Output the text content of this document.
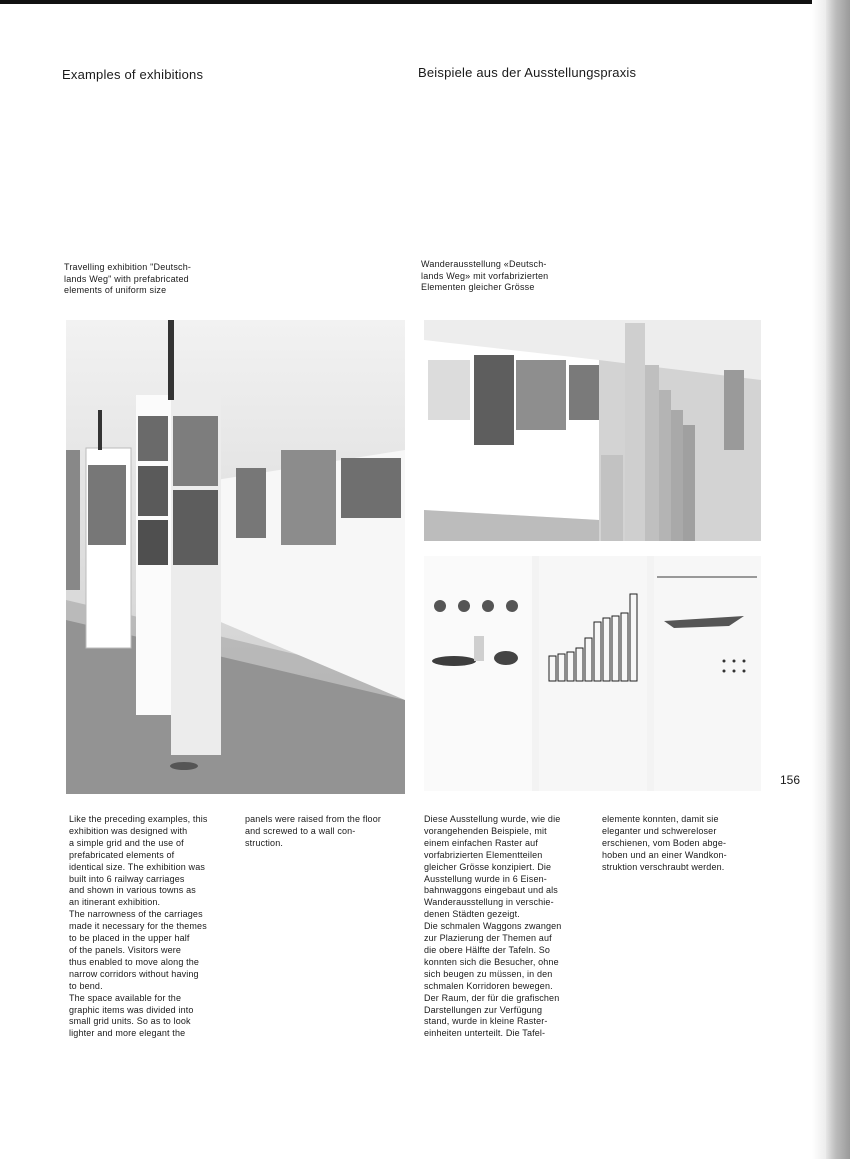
Examples of exhibitions	Beispiele aus der Ausstellungspraxis

Travelling exhibition "Deutsch-
lands Weg" with prefabricated
elements of uniform size
Wanderausstellung «Deutsch-
lands Weg» mit vorfabrizierten
Elementen gleicher Grösse

156

Like the preceding examples, this
exhibition was designed with
a simple grid and the use of
prefabricated elements of
identical size. The exhibition was
built into 6 railway carriages
and shown in various towns as
an itinerant exhibition.
The narrowness of the carriages
made it necessary for the themes
to be placed in the upper half
of the panels. Visitors were
thus enabled to move along the
narrow corridors without having
to bend.
The space available for the
graphic items was divided into
small grid units. So as to look
lighter and more elegant the
panels were raised from the floor
and screwed to a wall con-
struction.
Diese Ausstellung wurde, wie die
vorangehenden Beispiele, mit
einem einfachen Raster auf
vorfabrizierten Elementteilen
gleicher Grösse konzipiert. Die
Ausstellung wurde in 6 Eisen-
bahnwaggons eingebaut und als
Wanderausstellung in verschie-
denen Städten gezeigt.
Die schmalen Waggons zwangen
zur Plazierung der Themen auf
die obere Hälfte der Tafeln. So
konnten sich die Besucher, ohne
sich beugen zu müssen, in den
schmalen Korridoren bewegen.
Der Raum, der für die grafischen
Darstellungen zur Verfügung
stand, wurde in kleine Raster-
einheiten unterteilt. Die Tafel-
elemente konnten, damit sie
eleganter und schwereloser
erschienen, vom Boden abge-
hoben und an einer Wandkon-
struktion verschraubt werden.
